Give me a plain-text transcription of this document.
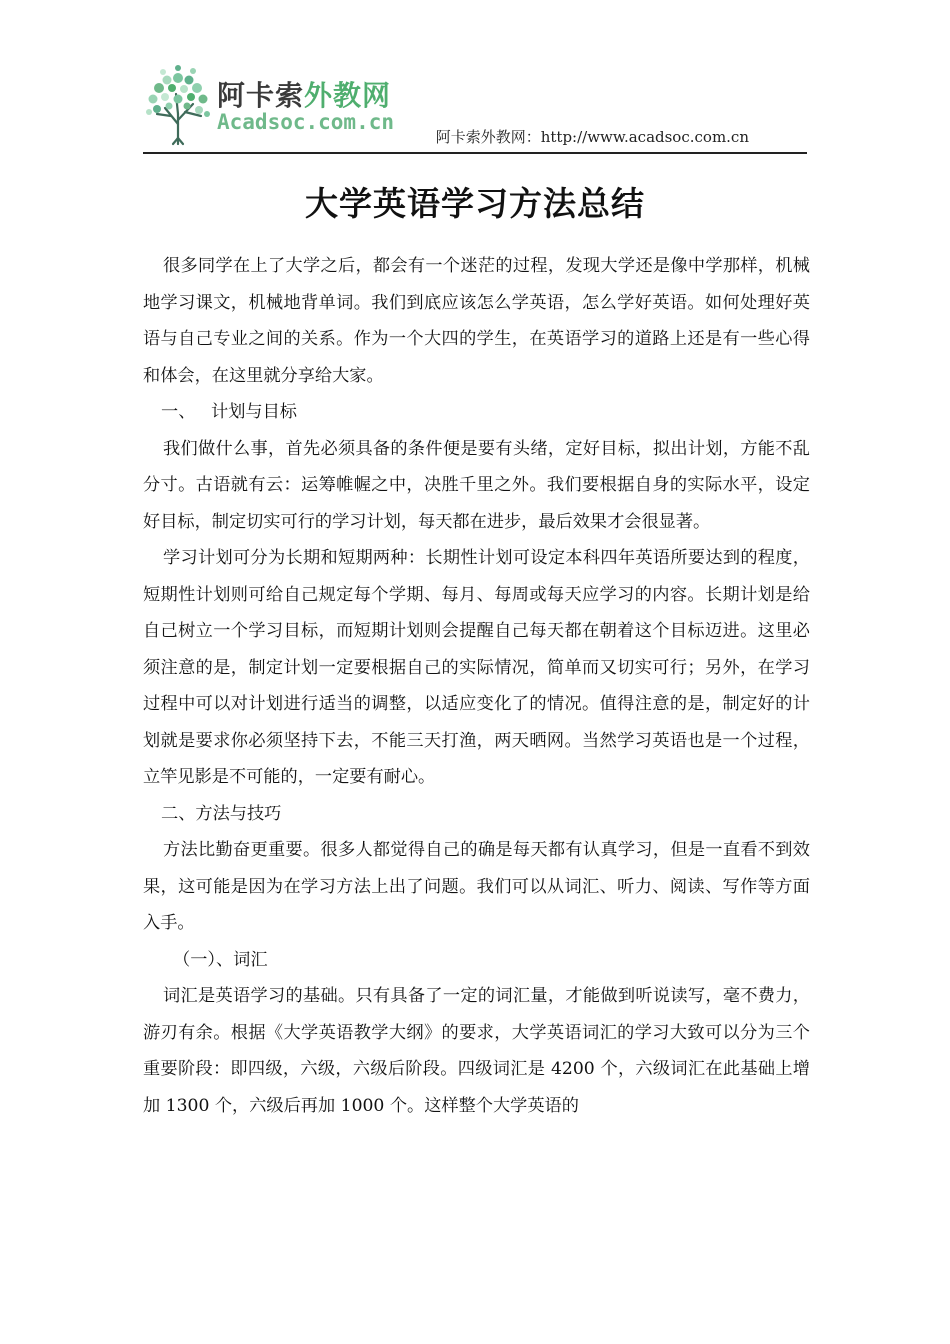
阿卡索外教网
Acadsoc.com.cn
阿卡索外教网：http://www.acadsoc.com.cn
大学英语学习方法总结

很多同学在上了大学之后，都会有一个迷茫的过程，发现大学还是像中学那样，机械地学习课文，机械地背单词。我们到底应该怎么学英语，怎么学好英语。如何处理好英语与自己专业之间的关系。作为一个大四的学生，在英语学习的道路上还是有一些心得和体会，在这里就分享给大家。

一、 计划与目标

我们做什么事，首先必须具备的条件便是要有头绪，定好目标，拟出计划，方能不乱分寸。古语就有云：运筹帷幄之中，决胜千里之外。我们要根据自身的实际水平，设定好目标，制定切实可行的学习计划，每天都在进步，最后效果才会很显著。

学习计划可分为长期和短期两种：长期性计划可设定本科四年英语所要达到的程度，短期性计划则可给自己规定每个学期、每月、每周或每天应学习的内容。长期计划是给自己树立一个学习目标，而短期计划则会提醒自己每天都在朝着这个目标迈进。这里必须注意的是，制定计划一定要根据自己的实际情况，简单而又切实可行；另外，在学习过程中可以对计划进行适当的调整，以适应变化了的情况。值得注意的是，制定好的计划就是要求你必须坚持下去，不能三天打渔，两天晒网。当然学习英语也是一个过程，立竿见影是不可能的，一定要有耐心。

二、方法与技巧

方法比勤奋更重要。很多人都觉得自己的确是每天都有认真学习，但是一直看不到效果，这可能是因为在学习方法上出了问题。我们可以从词汇、听力、阅读、写作等方面入手。

（一）、词汇

词汇是英语学习的基础。只有具备了一定的词汇量，才能做到听说读写，毫不费力，游刃有余。根据《大学英语教学大纲》的要求，大学英语词汇的学习大致可以分为三个重要阶段：即四级，六级，六级后阶段。四级词汇是 4200 个，六级词汇在此基础上增加 1300 个，六级后再加 1000 个。这样整个大学英语的
